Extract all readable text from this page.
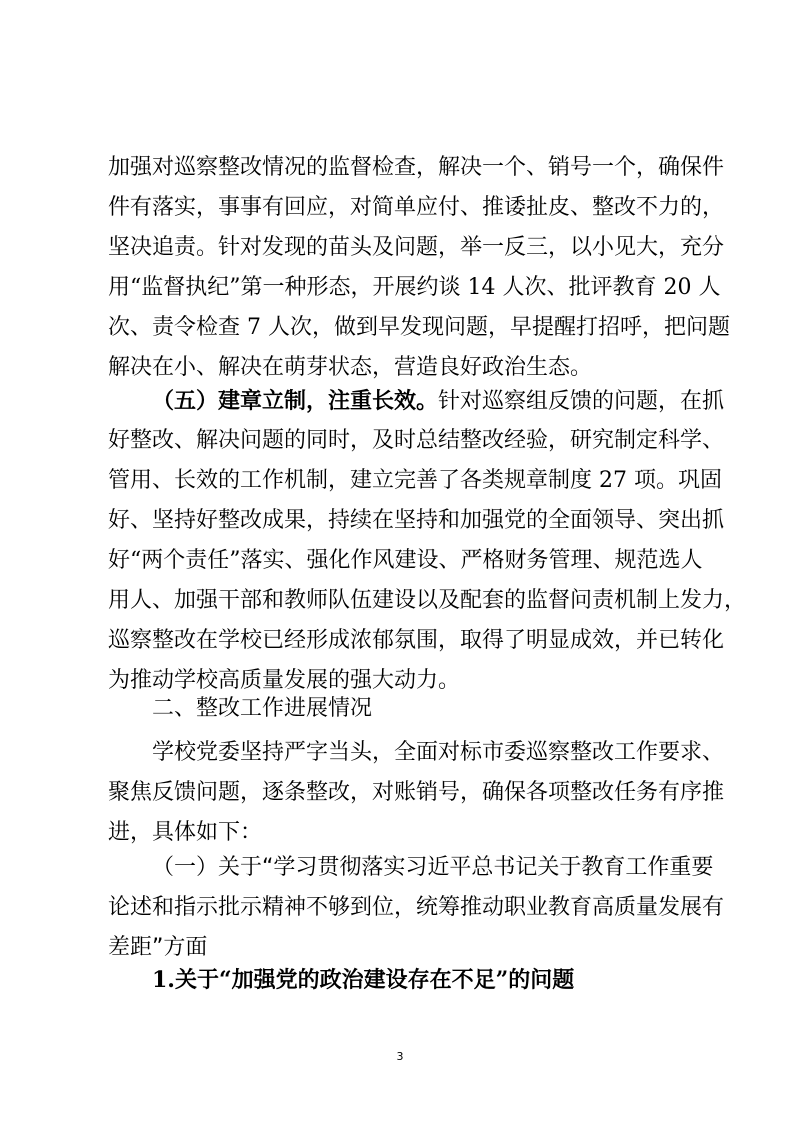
加强对巡察整改情况的监督检查，解决一个、销号一个，确保件
件有落实，事事有回应，对简单应付、推诿扯皮、整改不力的，
坚决追责。针对发现的苗头及问题，举一反三，以小见大，充分
用“监督执纪”第一种形态，开展约谈 14 人次、批评教育 20 人
次、责令检查 7 人次，做到早发现问题，早提醒打招呼，把问题
解决在小、解决在萌芽状态，营造良好政治生态。
（五）建章立制，注重长效。针对巡察组反馈的问题，在抓
好整改、解决问题的同时，及时总结整改经验，研究制定科学、
管用、长效的工作机制，建立完善了各类规章制度 27 项。巩固
好、坚持好整改成果，持续在坚持和加强党的全面领导、突出抓
好“两个责任”落实、强化作风建设、严格财务管理、规范选人
用人、加强干部和教师队伍建设以及配套的监督问责机制上发力，
巡察整改在学校已经形成浓郁氛围，取得了明显成效，并已转化
为推动学校高质量发展的强大动力。
二、整改工作进展情况
学校党委坚持严字当头，全面对标市委巡察整改工作要求、
聚焦反馈问题，逐条整改，对账销号，确保各项整改任务有序推
进，具体如下：
（一）关于“学习贯彻落实习近平总书记关于教育工作重要
论述和指示批示精神不够到位，统筹推动职业教育高质量发展有
差距”方面
1.关于“加强党的政治建设存在不足”的问题
3
